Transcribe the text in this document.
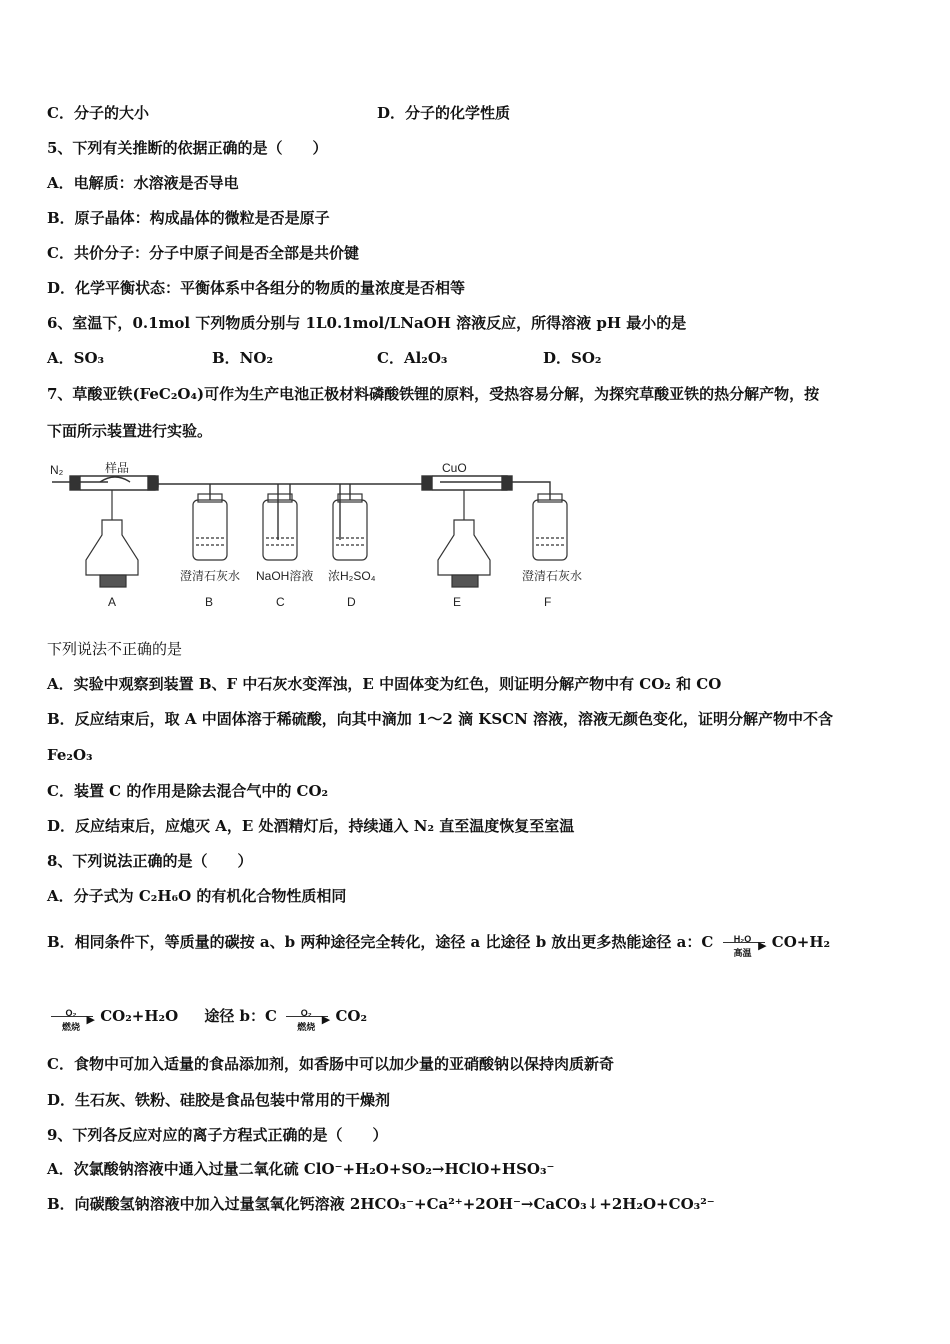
C．分子的大小	D．分子的化学性质
5、下列有关推断的依据正确的是（　　）
A．电解质：水溶液是否导电
B．原子晶体：构成晶体的微粒是否是原子
C．共价分子：分子中原子间是否全部是共价键
D．化学平衡状态：平衡体系中各组分的物质的量浓度是否相等
6、室温下，0.1mol 下列物质分别与 1L0.1mol/LNaOH 溶液反应，所得溶液 pH 最小的是
A．SO₃	B．NO₂	C．Al₂O₃	D．SO₂
7、草酸亚铁(FeC₂O₄)可作为生产电池正极材料磷酸铁锂的原料，受热容易分解，为探究草酸亚铁的热分解产物，按
下面所示装置进行实验。
N₂	样品	CuO
澄清石灰水 NaOH溶液 浓H₂SO₄	澄清石灰水
A	B	C	D	E	F
下列说法不正确的是
A．实验中观察到装置 B、F 中石灰水变浑浊，E 中固体变为红色，则证明分解产物中有 CO₂ 和 CO
B．反应结束后，取 A 中固体溶于稀硫酸，向其中滴加 1～2 滴 KSCN 溶液，溶液无颜色变化，证明分解产物中不含
Fe₂O₃
C．装置 C 的作用是除去混合气中的 CO₂
D．反应结束后，应熄灭 A，E 处酒精灯后，持续通入 N₂ 直至温度恢复至室温
8、下列说法正确的是（　　）
A．分子式为 C₂H₆O 的有机化合物性质相同
B．相同条件下，等质量的碳按 a、b 两种途径完全转化，途径 a 比途径 b 放出更多热能途径 a：C	H₂O ▶
高温
CO+H₂
O₂ ▶
燃烧
CO₂+H₂O 途径 b：C	O₂ ▶
燃烧
CO₂
C．食物中可加入适量的食品添加剂，如香肠中可以加少量的亚硝酸钠以保持肉质新奇
D．生石灰、铁粉、硅胶是食品包装中常用的干燥剂
9、下列各反应对应的离子方程式正确的是（　　）
A．次氯酸钠溶液中通入过量二氧化硫 ClO⁻+H₂O+SO₂→HClO+HSO₃⁻
B．向碳酸氢钠溶液中加入过量氢氧化钙溶液 2HCO₃⁻+Ca²⁺+2OH⁻→CaCO₃↓+2H₂O+CO₃²⁻
